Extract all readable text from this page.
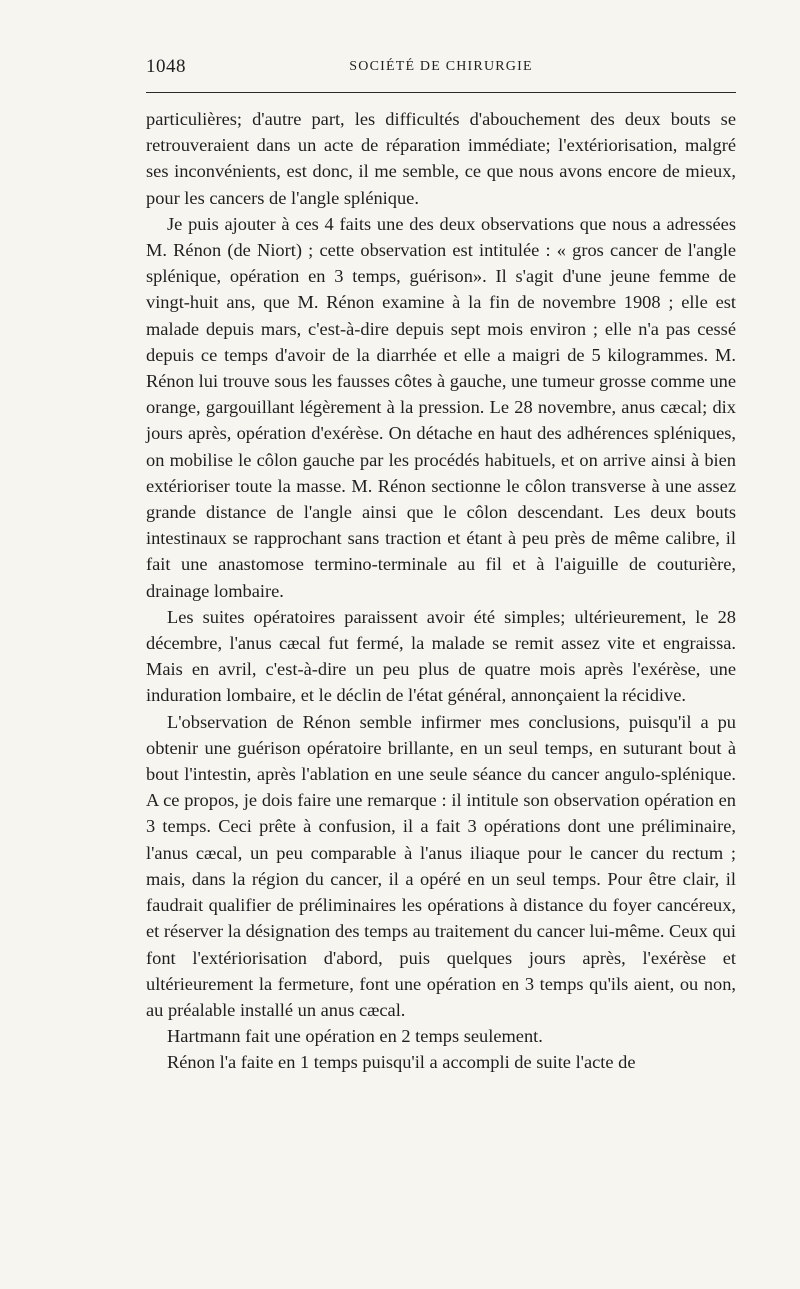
1048	SOCIÉTÉ DE CHIRURGIE

particulières; d'autre part, les difficultés d'abouchement des deux bouts se retrouveraient dans un acte de réparation immédiate; l'extériorisation, malgré ses inconvénients, est donc, il me semble, ce que nous avons encore de mieux, pour les cancers de l'angle splénique.

Je puis ajouter à ces 4 faits une des deux observations que nous a adressées M. Rénon (de Niort) ; cette observation est intitulée : « gros cancer de l'angle splénique, opération en 3 temps, guérison». Il s'agit d'une jeune femme de vingt-huit ans, que M. Rénon examine à la fin de novembre 1908 ; elle est malade depuis mars, c'est-à-dire depuis sept mois environ ; elle n'a pas cessé depuis ce temps d'avoir de la diarrhée et elle a maigri de 5 kilogrammes. M. Rénon lui trouve sous les fausses côtes à gauche, une tumeur grosse comme une orange, gargouillant légèrement à la pression. Le 28 novembre, anus cæcal; dix jours après, opération d'exérèse. On détache en haut des adhérences spléniques, on mobilise le côlon gauche par les procédés habituels, et on arrive ainsi à bien extérioriser toute la masse. M. Rénon sectionne le côlon transverse à une assez grande distance de l'angle ainsi que le côlon descendant. Les deux bouts intestinaux se rapprochant sans traction et étant à peu près de même calibre, il fait une anastomose termino-terminale au fil et à l'aiguille de couturière, drainage lombaire.

Les suites opératoires paraissent avoir été simples; ultérieurement, le 28 décembre, l'anus cæcal fut fermé, la malade se remit assez vite et engraissa. Mais en avril, c'est-à-dire un peu plus de quatre mois après l'exérèse, une induration lombaire, et le déclin de l'état général, annonçaient la récidive.

L'observation de Rénon semble infirmer mes conclusions, puisqu'il a pu obtenir une guérison opératoire brillante, en un seul temps, en suturant bout à bout l'intestin, après l'ablation en une seule séance du cancer angulo-splénique. A ce propos, je dois faire une remarque : il intitule son observation opération en 3 temps. Ceci prête à confusion, il a fait 3 opérations dont une préliminaire, l'anus cæcal, un peu comparable à l'anus iliaque pour le cancer du rectum ; mais, dans la région du cancer, il a opéré en un seul temps. Pour être clair, il faudrait qualifier de préliminaires les opérations à distance du foyer cancéreux, et réserver la désignation des temps au traitement du cancer lui-même. Ceux qui font l'extériorisation d'abord, puis quelques jours après, l'exérèse et ultérieurement la fermeture, font une opération en 3 temps qu'ils aient, ou non, au préalable installé un anus cæcal.

Hartmann fait une opération en 2 temps seulement.

Rénon l'a faite en 1 temps puisqu'il a accompli de suite l'acte de
